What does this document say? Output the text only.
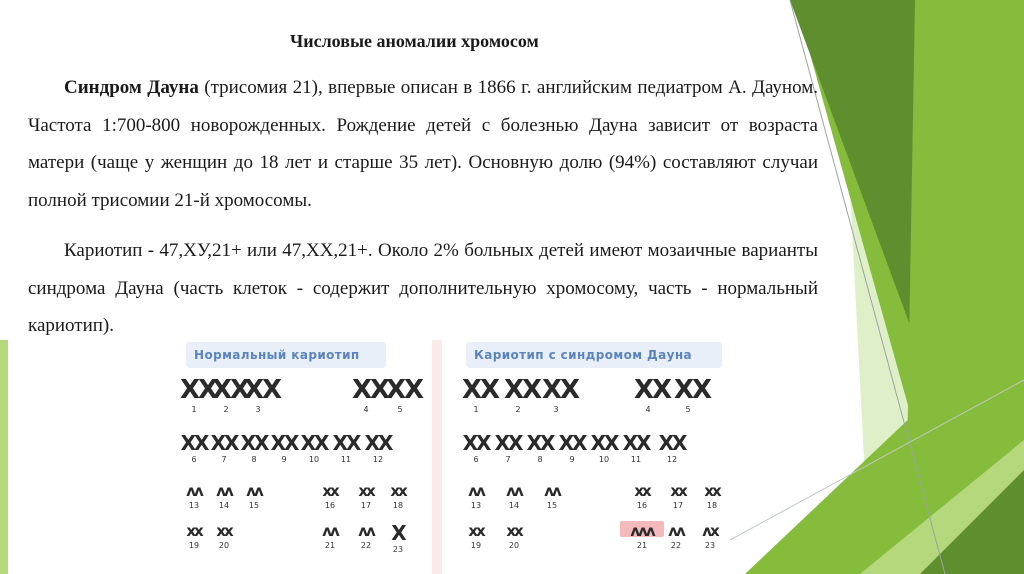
Числовые аномалии хромосом

Синдром Дауна (трисомия 21), впервые описан в 1866 г. английским педиатром А. Дауном. Частота 1:700-800 новорожденных. Рождение детей с болезнью Дауна зависит от возраста матери (чаще у женщин до 18 лет и старше 35 лет). Основную долю (94%) составляют случаи полной трисомии 21-й хромосомы.

Кариотип - 47,ХУ,21+ или 47,ХХ,21+. Около 2% больных детей имеют мозаичные варианты синдрома Дауна (часть клеток - содержит дополнительную хромосому, часть - нормальный кариотип).

Нормальный кариотип
XX
1
XX
2
XX
3
XX
4
XX
5
XX
6
XX
7
XX
8
XX
9
XX
10
XX
11
XX
12
ʌʌ
13
ʌʌ
14
ʌʌ
15
xx
16
xx
17
xx
18
xx
19
xx
20
ʌʌ
21
ʌʌ
22
X
23
Кариотип с синдромом Дауна
XX
1
XX
2
XX
3
XX
4
XX
5
XX
6
XX
7
XX
8
XX
9
XX
10
XX
11
XX
12
ʌʌ
13
ʌʌ
14
ʌʌ
15
xx
16
xx
17
xx
18
xx
19
xx
20
ʌʌʌ
21
ʌʌ
22
ʌx
23
